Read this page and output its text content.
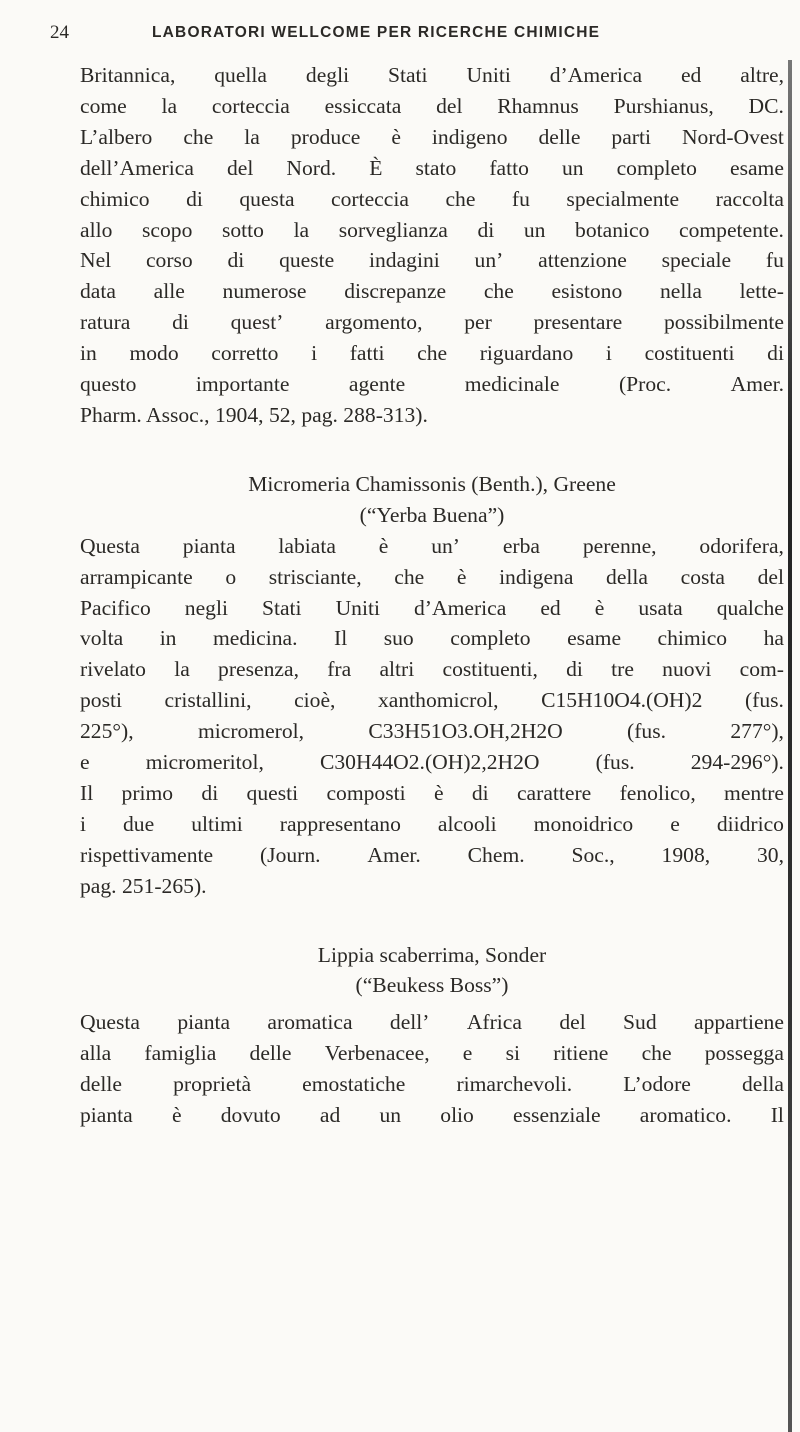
24	LABORATORI WELLCOME PER RICERCHE CHIMICHE
Britannica, quella degli Stati Uniti d’America ed altre,
come la corteccia essiccata del Rhamnus Purshianus, DC.
L’albero che la produce è indigeno delle parti Nord-Ovest
dell’America del Nord. È stato fatto un completo esame
chimico di questa corteccia che fu specialmente raccolta
allo scopo sotto la sorveglianza di un botanico competente.
Nel corso di queste indagini un’ attenzione speciale fu
data alle numerose discrepanze che esistono nella lette-
ratura di quest’ argomento, per presentare possibilmente
in modo corretto i fatti che riguardano i costituenti di
questo	importante	agente	medicinale	(Proc.	Amer.
Pharm. Assoc., 1904, 52, pag. 288-313).

Micromeria Chamissonis (Benth.), Greene

(“Yerba Buena”)

Questa pianta labiata è un’ erba perenne, odorifera,
arrampicante o strisciante, che è indigena della costa del
Pacifico negli Stati Uniti d’America ed è usata qualche
volta in medicina. Il suo completo esame chimico ha
rivelato la presenza, fra altri costituenti, di tre nuovi com-
posti cristallini, cioè, xanthomicrol, C15H10O4.(OH)2 (fus.
225°),	micromerol,	C33H51O3.OH,2H2O	(fus.	277°),
e	micromeritol,	C30H44O2.(OH)2,2H2O	(fus.	294-296°).
Il primo di questi composti è di carattere fenolico, mentre
i due ultimi rappresentano alcooli monoidrico e diidrico
rispettivamente (Journ. Amer. Chem. Soc., 1908, 30,
pag. 251-265).

Lippia scaberrima, Sonder

(“Beukess Boss”)

Questa pianta aromatica dell’ Africa del Sud appartiene
alla famiglia delle Verbenacee, e si ritiene che possegga
delle proprietà emostatiche rimarchevoli. L’odore della
pianta è dovuto ad un olio essenziale aromatico. Il
